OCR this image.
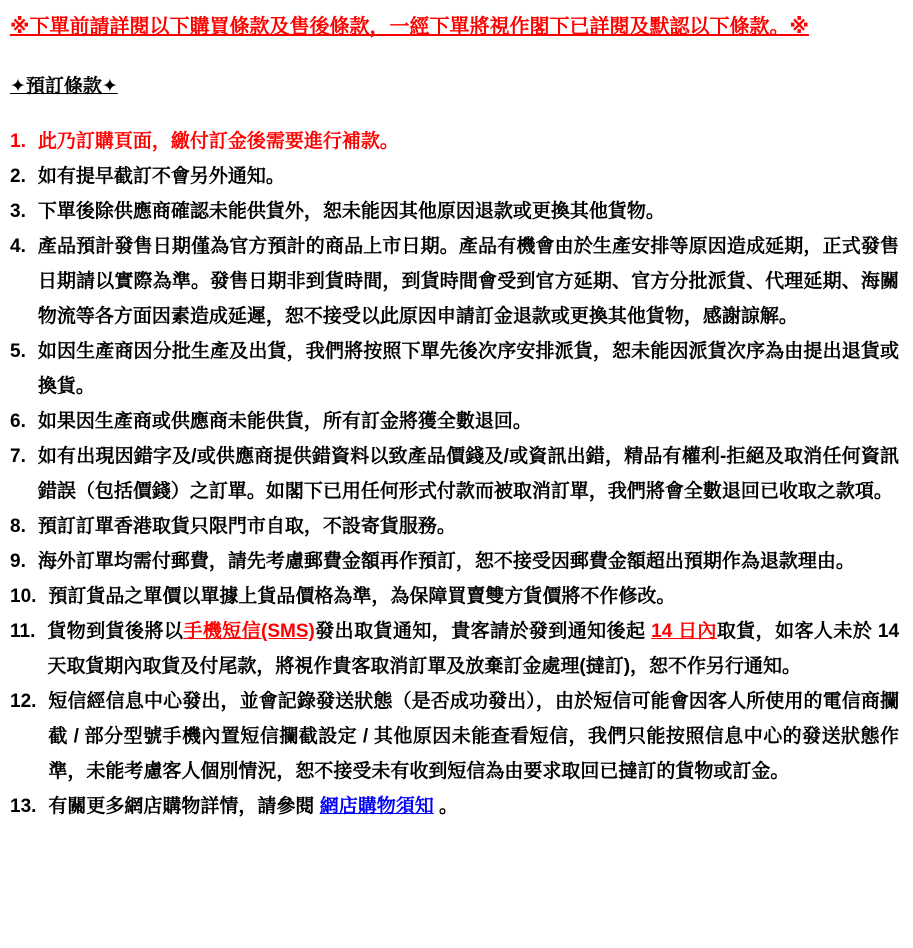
※下單前請詳閱以下購買條款及售後條款，一經下單將視作閣下已詳閱及默認以下條款。※
✦預訂條款✦
1. 此乃訂購頁面，繳付訂金後需要進行補款。
2. 如有提早截訂不會另外通知。
3. 下單後除供應商確認未能供貨外，恕未能因其他原因退款或更換其他貨物。
4. 產品預計發售日期僅為官方預計的商品上市日期。產品有機會由於生產安排等原因造成延期，正式發售日期請以實際為準。發售日期非到貨時間，到貨時間會受到官方延期、官方分批派貨、代理延期、海關物流等各方面因素造成延遲，恕不接受以此原因申請訂金退款或更換其他貨物，感謝諒解。
5. 如因生產商因分批生產及出貨，我們將按照下單先後次序安排派貨，恕未能因派貨次序為由提出退貨或換貨。
6. 如果因生產商或供應商未能供貨，所有訂金將獲全數退回。
7. 如有出現因錯字及/或供應商提供錯資料以致產品價錢及/或資訊出錯，精品有權利-拒絕及取消任何資訊錯誤（包括價錢）之訂單。如閣下已用任何形式付款而被取消訂單，我們將會全數退回已收取之款項。
8. 預訂訂單香港取貨只限門市自取，不設寄貨服務。
9. 海外訂單均需付郵費，請先考慮郵費金額再作預訂，恕不接受因郵費金額超出預期作為退款理由。
10. 預訂貨品之單價以單據上貨品價格為準，為保障買賣雙方貨價將不作修改。
11. 貨物到貨後將以手機短信(SMS)發出取貨通知，貴客請於發到通知後起 14 日內取貨，如客人未於 14 天取貨期內取貨及付尾款，將視作貴客取消訂單及放棄訂金處理(撻訂)，恕不作另行通知。
12. 短信經信息中心發出，並會記錄發送狀態（是否成功發出），由於短信可能會因客人所使用的電信商攔截 / 部分型號手機內置短信攔截設定 / 其他原因未能查看短信，我們只能按照信息中心的發送狀態作準，未能考慮客人個別情況，恕不接受未有收到短信為由要求取回已撻訂的貨物或訂金。
13. 有關更多網店購物詳情，請參閱 網店購物須知 。
